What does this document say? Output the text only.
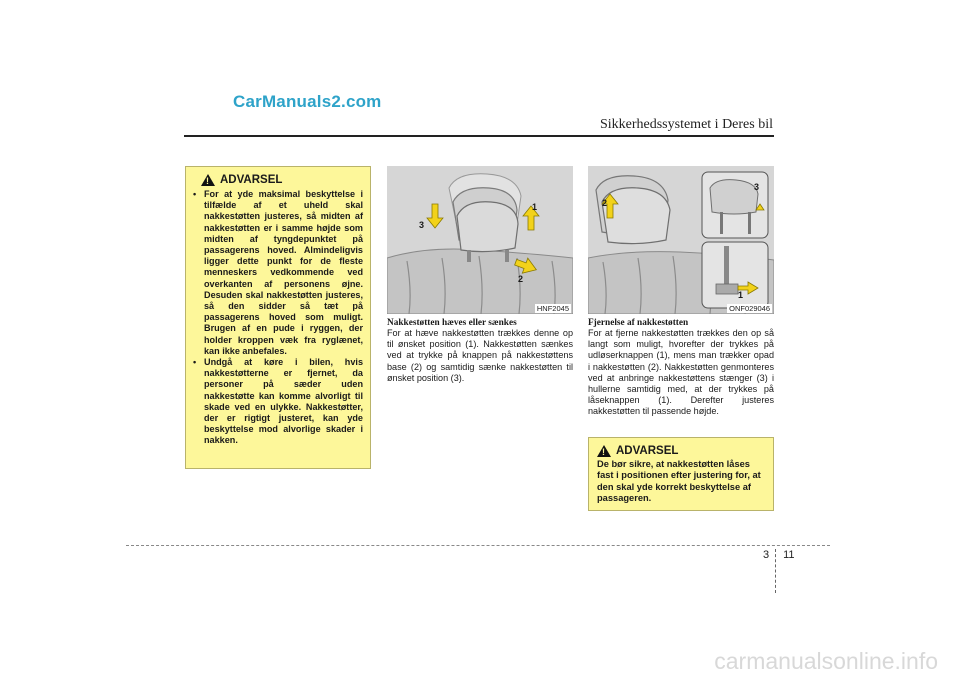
CarManuals2.com
Sikkerhedssystemet i Deres bil
! ADVARSEL
• For at yde maksimal beskyttelse i tilfælde af et uheld skal nakkestøtten justeres, så midten af nakkestøtten er i samme højde som midten af tyngdepunktet på passagerens hoved. Almindeligvis ligger dette punkt for de fleste menneskers vedkommende ved overkanten af personens øjne. Desuden skal nakkestøtten justeres, så den sidder så tæt på passagerens hoved som muligt. Brugen af en pude i ryggen, der holder kroppen væk fra ryglænet, kan ikke anbefales.
• Undgå at køre i bilen, hvis nakkestøtterne er fjernet, da personer på sæder uden nakkestøtte kan komme alvorligt til skade ved en ulykke. Nakkestøtter, der er rigtigt justeret, kan yde beskyttelse mod alvorlige skader i nakken.
3
1
2
HNF2045
2
3
1
ONF029046
Nakkestøtten hæves eller sænkes
For at hæve nakkestøtten trækkes denne op til ønsket position (1). Nakkestøtten sænkes ved at trykke på knappen på nakkestøttens base (2) og samtidig sænke nakkestøtten til ønsket position (3).
Fjernelse af nakkestøtten
For at fjerne nakkestøtten trækkes den op så langt som muligt, hvorefter der trykkes på udløserknappen (1), mens man trækker opad i nakkestøtten (2). Nakkestøtten genmonteres ved at anbringe nakkestøttens stænger (3) i hullerne samtidig med, at der trykkes på låseknappen (1). Derefter justeres nakkestøtten til passende højde.
! ADVARSEL
De bør sikre, at nakkestøtten låses fast i positionen efter justering for, at den skal yde korrekt beskyttelse af passageren.
3 11
carmanualsonline.info
